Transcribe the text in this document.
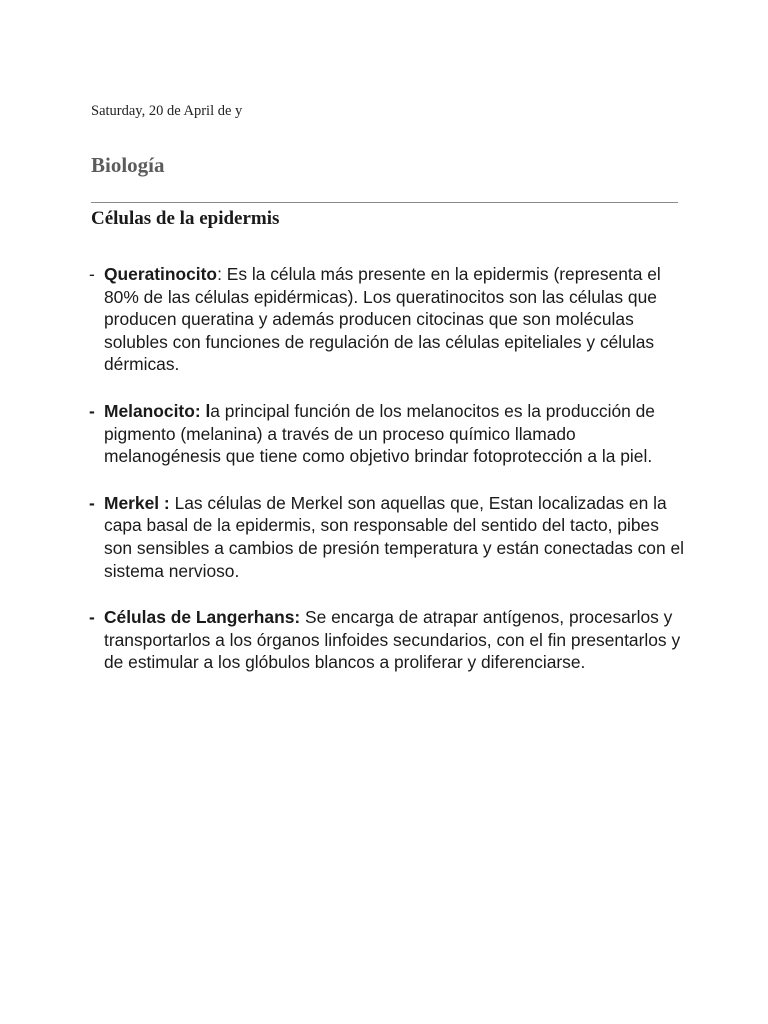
Saturday, 20 de April de y
Biología
Células de la epidermis
- Queratinocito: Es la célula más presente en la epidermis (representa el 80% de las células epidérmicas). Los queratinocitos son las células que producen queratina y además producen citocinas que son moléculas solubles con funciones de regulación de las células epiteliales y células dérmicas.
- Melanocito: la principal función de los melanocitos es la producción de pigmento (melanina) a través de un proceso químico llamado melanogénesis que tiene como objetivo brindar fotoprotección a la piel.
- Merkel : Las células de Merkel son aquellas que, Estan localizadas en la capa basal de la epidermis, son responsable del sentido del tacto, pibes son sensibles a cambios de presión temperatura y están conectadas con el sistema nervioso.
- Células de Langerhans: Se encarga de atrapar antígenos, procesarlos y transportarlos a los órganos linfoides secundarios, con el fin presentarlos y de estimular a los glóbulos blancos a proliferar y diferenciarse.
